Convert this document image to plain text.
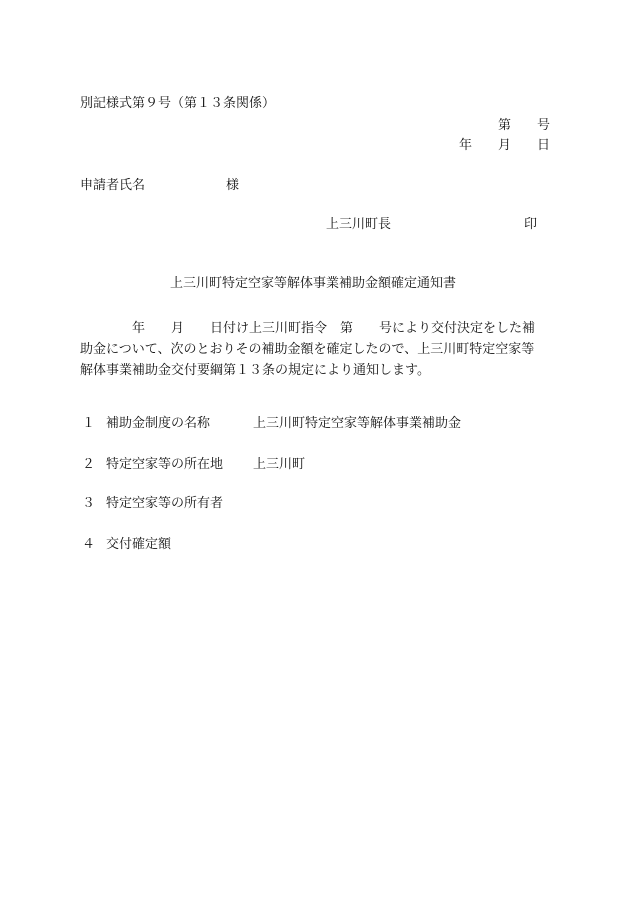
別記様式第９号（第１３条関係）
第　　号
年　　月　　日
申請者氏名	様
上三川町長	印
上三川町特定空家等解体事業補助金額確定通知書
　　　　年　　月　　日付け上三川町指令　第　　号により交付決定をした補
助金について、次のとおりその補助金額を確定したので、上三川町特定空家等
解体事業補助金交付要綱第１３条の規定により通知します。
１ 補助金制度の名称	上三川町特定空家等解体事業補助金
２ 特定空家等の所在地 上三川町
３ 特定空家等の所有者
４ 交付確定額
